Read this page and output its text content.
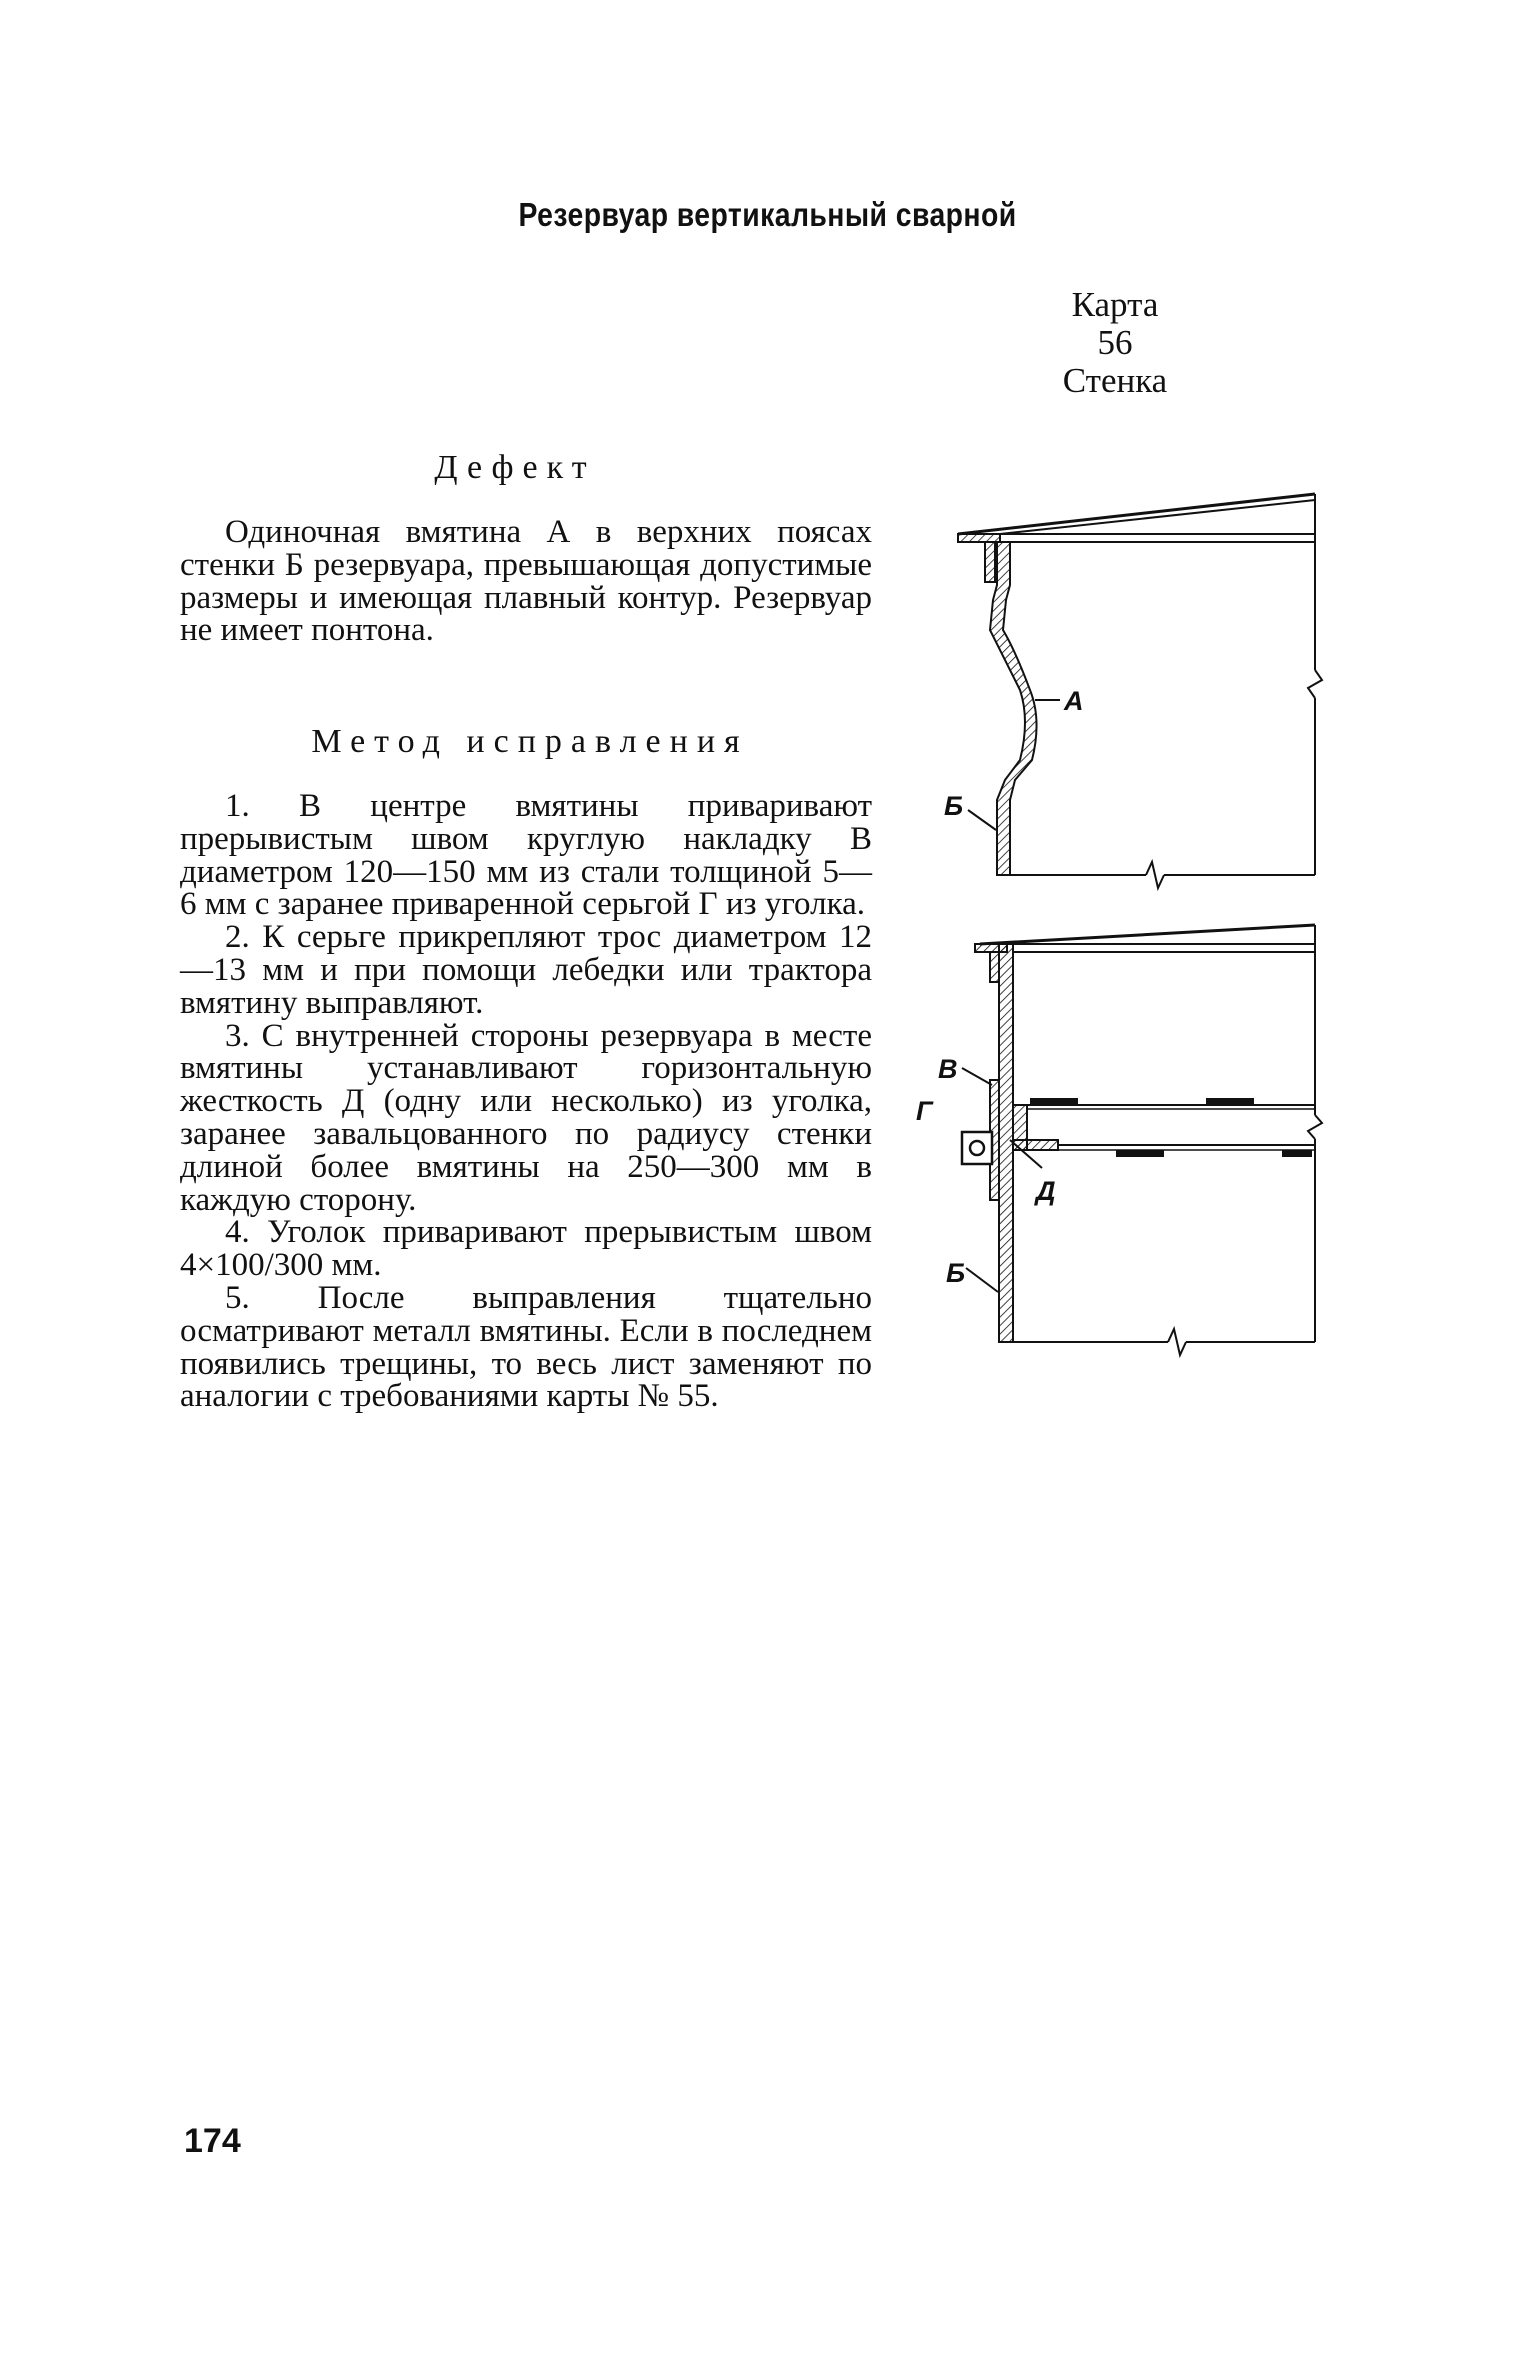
Резервуар вертикальный сварной
Карта 56
Стенка
Дефект

Одиночная вмятина А в верхних поясах стенки Б резервуара, превышающая допустимые размеры и имеющая плавный контур. Резервуар не имеет понтона.

Метод исправления

1. В центре вмятины приваривают прерывистым швом круглую накладку В диаметром 120—150 мм из стали толщиной 5—6 мм с заранее приваренной серьгой Г из уголка.

2. К серьге прикрепляют трос диаметром 12—13 мм и при помощи лебедки или трактора вмятину выправляют.

3. С внутренней стороны резервуара в месте вмятины устанавливают горизонтальную жесткость Д (одну или несколько) из уголка, заранее завальцованного по радиусу стенки длиной более вмятины на 250—300 мм в каждую сторону.

4. Уголок приваривают прерывистым швом 4×100/300 мм.

5. После выправления тщательно осматривают металл вмятины. Если в последнем появились трещины, то весь лист заменяют по аналогии с требованиями карты № 55.

А
Б
В
Г
Д
Б
174
